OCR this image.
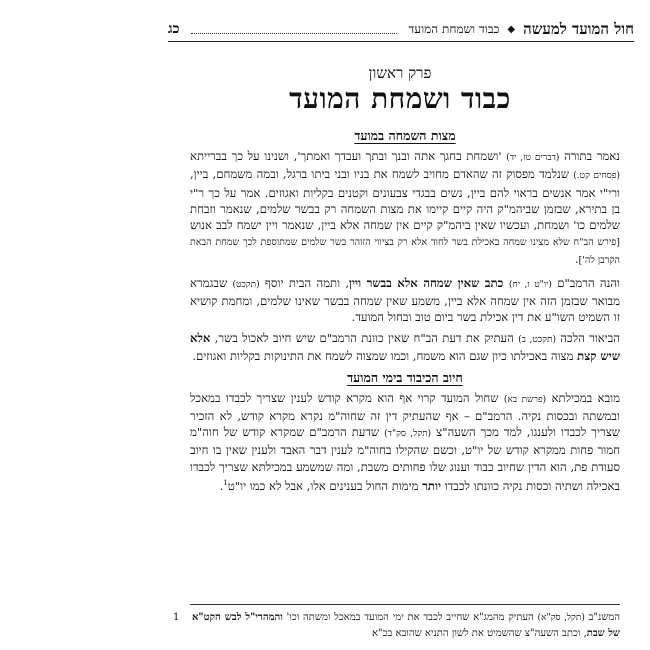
חול המועד למעשה
◆
כבוד ושמחת המועד
כג
פרק ראשון
כבוד ושמחת המועד
מצות השמחה במועד

נאמר בתורה (דברים טז, יד) 'ושמחת בחגך אתה ובנך ובתך ועבדך ואמתך', ושנינו על כך בברייתא (פסחים קט.) שנלמד מפסוק זה שהאדם מחויב לשמח את בניו ובני ביתו ברגל, ובמה משמחם, ביין, ורי"י אמר אנשים בראוי להם ביין, נשים בבגדי צבעונים וקטנים בקליות ואגוזים. אמר על כך ר"י בן בתירא, שבזמן שביהמ"ק היה קיים קיימו את מצות השמחה רק בבשר שלמים, שנאמר וזבחת שלמים כו' ושמחת, ועכשיו שאין ביהמ"ק קיים אין שמחה אלא ביין, שנאמר ויין ישמח לבב אנוש [פירש הב"ח שלא מצינו שמחה באכילת בשר לחוד אלא רק בציווי הזוהר בשר שלמים שמתוספת לכך שמחת הבאת הקרבן לה'].

והנה הרמב"ם (יו"ט ו, יח) כתב שאין שמחה אלא בבשר ויין, ותמה הבית יוסף (תקכט) שבגמרא מבואר שבזמן הזה אין שמחה אלא ביין, משמע שאין שמחה בבשר שאינו שלמים, ומחמת קושיא זו השמיט השו"ע את דין אכילת בשר ביום טוב ובחול המועד.

הביאור הלכה (תקכט, ב) העתיק את דעת הב"ח שאין כוונת הרמב"ם שיש חיוב לאכול בשר, אלא שיש קצת מצוה באכילתו כיון שגם הוא משמח, וכמו שמצוה לשמח את התינוקות בקליות ואגוזים.

חיוב הכיבוד בימי המועד

מובא במכילתא (פרשת בא) שחול המועד קרוי אף הוא מקרא קודש לענין שצריך לכבדו במאכל ובמשתה ובכסות נקיה. הרמב"ם – אף שהעתיק דין זה שחוה"מ נקרא מקרא קודש, לא הזכיר שצריך לכבדו ולענגו, למד מכך השעה"צ (תקל, סק"ד) שדעת הרמב"ם שמקרא קודש של חוה"מ חמור פחות ממקרא קודש של יו"ט, וכשם שהקילו בחוה"מ לענין דבר האבד ולענין שאין בו חיוב סעודת פת, הוא הדין שחיוב כבוד וענוג שלו פחותים משבת, ומה שמשמע במכילתא שצריך לכבדו באכילה ושתיה וכסות נקיה כוונתו לכבדו יותר מימות החול בענינים אלו, אבל לא כמו יו"ט$^1$.

1	המשנ"ב (תקל, סק"א) העתיק מהמג"א שחייב לכבד את ימי המועד במאכל ומשתה וכו' והמהרי"ל לבש הקט"א של שבת, וכתב השעה"צ שהשמיט את לשון התניא שהובא בכ"א
